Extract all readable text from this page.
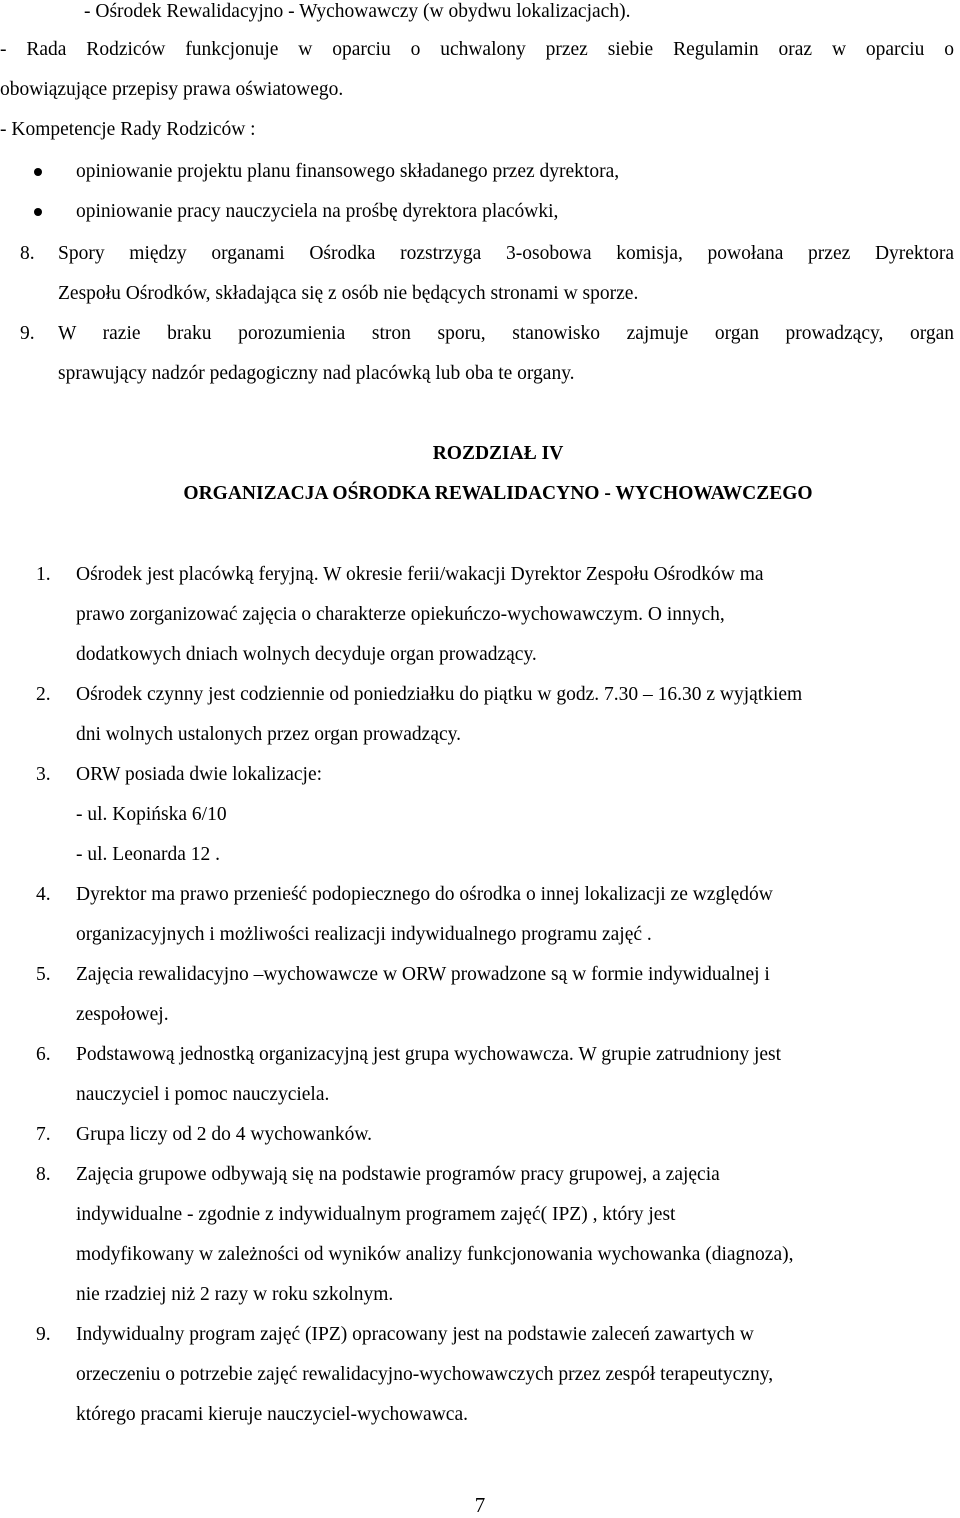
- Ośrodek Rewalidacyjno - Wychowawczy (w obydwu lokalizacjach).
- Rada Rodziców funkcjonuje w oparciu o uchwalony przez siebie Regulamin oraz w oparciu o
obowiązujące przepisy prawa oświatowego.
- Kompetencje Rady Rodziców :
opiniowanie projektu planu finansowego składanego przez dyrektora,
opiniowanie pracy nauczyciela na prośbę dyrektora placówki,
8. Spory między organami Ośrodka rozstrzyga 3-osobowa komisja, powołana przez Dyrektora
Zespołu Ośrodków, składająca się z osób nie będących stronami w sporze.
9. W razie braku porozumienia stron sporu, stanowisko zajmuje organ prowadzący, organ
sprawujący nadzór pedagogiczny nad placówką lub oba te organy.
ROZDZIAŁ IV
ORGANIZACJA OŚRODKA REWALIDACYNO - WYCHOWAWCZEGO
1. Ośrodek jest placówką feryjną. W okresie ferii/wakacji Dyrektor Zespołu Ośrodków ma
prawo zorganizować zajęcia o charakterze opiekuńczo-wychowawczym. O innych,
dodatkowych dniach wolnych decyduje organ prowadzący.
2. Ośrodek czynny jest codziennie od poniedziałku do piątku w godz. 7.30 – 16.30 z wyjątkiem
dni wolnych ustalonych przez organ prowadzący.
3. ORW posiada dwie lokalizacje:
- ul. Kopińska 6/10
- ul. Leonarda 12 .
4. Dyrektor ma prawo przenieść podopiecznego do ośrodka o innej lokalizacji ze względów
organizacyjnych i możliwości realizacji indywidualnego programu zajęć .
5. Zajęcia rewalidacyjno –wychowawcze w ORW prowadzone są w formie indywidualnej i
zespołowej.
6. Podstawową jednostką organizacyjną jest grupa wychowawcza. W grupie zatrudniony jest
nauczyciel i pomoc nauczyciela.
7. Grupa liczy od 2 do 4 wychowanków.
8. Zajęcia grupowe odbywają się na podstawie programów pracy grupowej, a zajęcia
indywidualne - zgodnie z indywidualnym programem zajęć( IPZ) , który jest
modyfikowany w zależności od wyników analizy funkcjonowania wychowanka (diagnoza),
nie rzadziej niż 2 razy w roku szkolnym.
9. Indywidualny program zajęć (IPZ) opracowany jest na podstawie zaleceń zawartych w
orzeczeniu o potrzebie zajęć rewalidacyjno-wychowawczych przez zespół terapeutyczny,
którego pracami kieruje nauczyciel-wychowawca.
7
